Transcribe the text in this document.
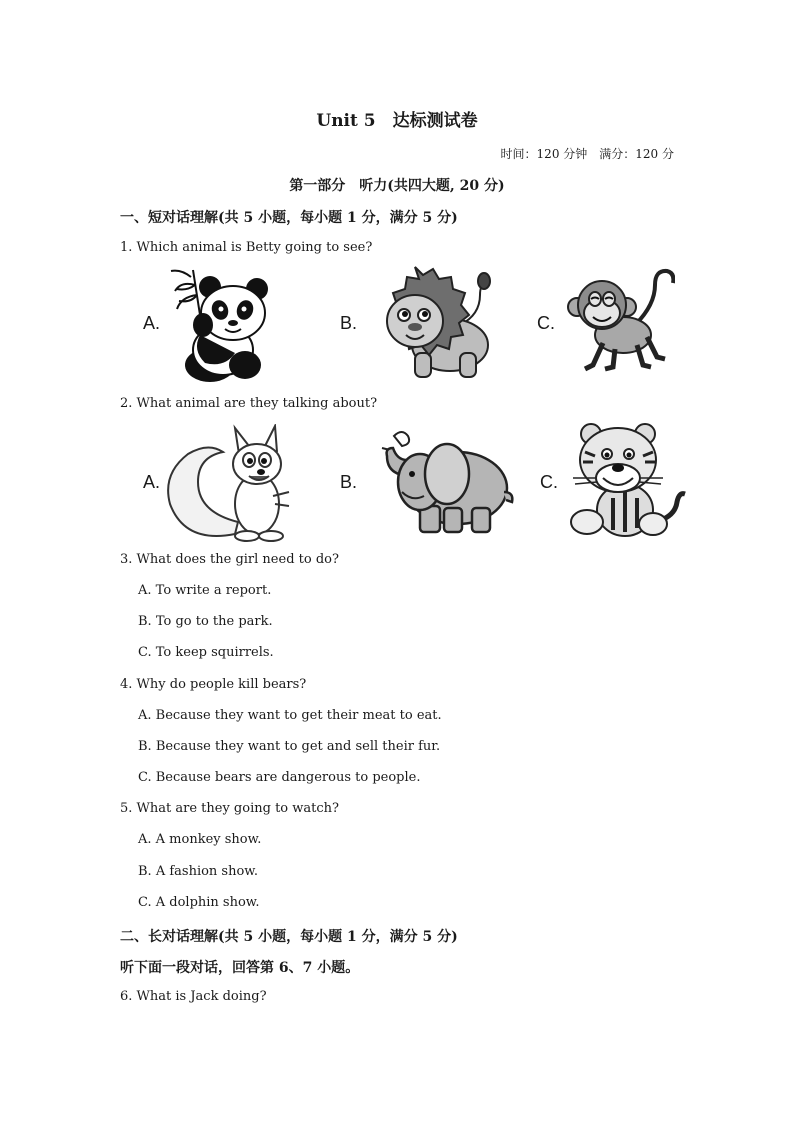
Unit 5　达标测试卷
时间：120 分钟　满分：120 分
第一部分　听力(共四大题, 20 分)
一、短对话理解(共 5 小题，每小题 1 分，满分 5 分)
1. Which animal is Betty going to see?
A.	B.	C.
2. What animal are they talking about?
A.	B.	C.
3. What does the girl need to do?
A. To write a report.
B. To go to the park.
C. To keep squirrels.
4. Why do people kill bears?
A. Because they want to get their meat to eat.
B. Because they want to get and sell their fur.
C. Because bears are dangerous to people.
5. What are they going to watch?
A. A monkey show.
B. A fashion show.
C. A dolphin show.
二、长对话理解(共 5 小题，每小题 1 分，满分 5 分)
听下面一段对话，回答第 6、7 小题。
6. What is Jack doing?
